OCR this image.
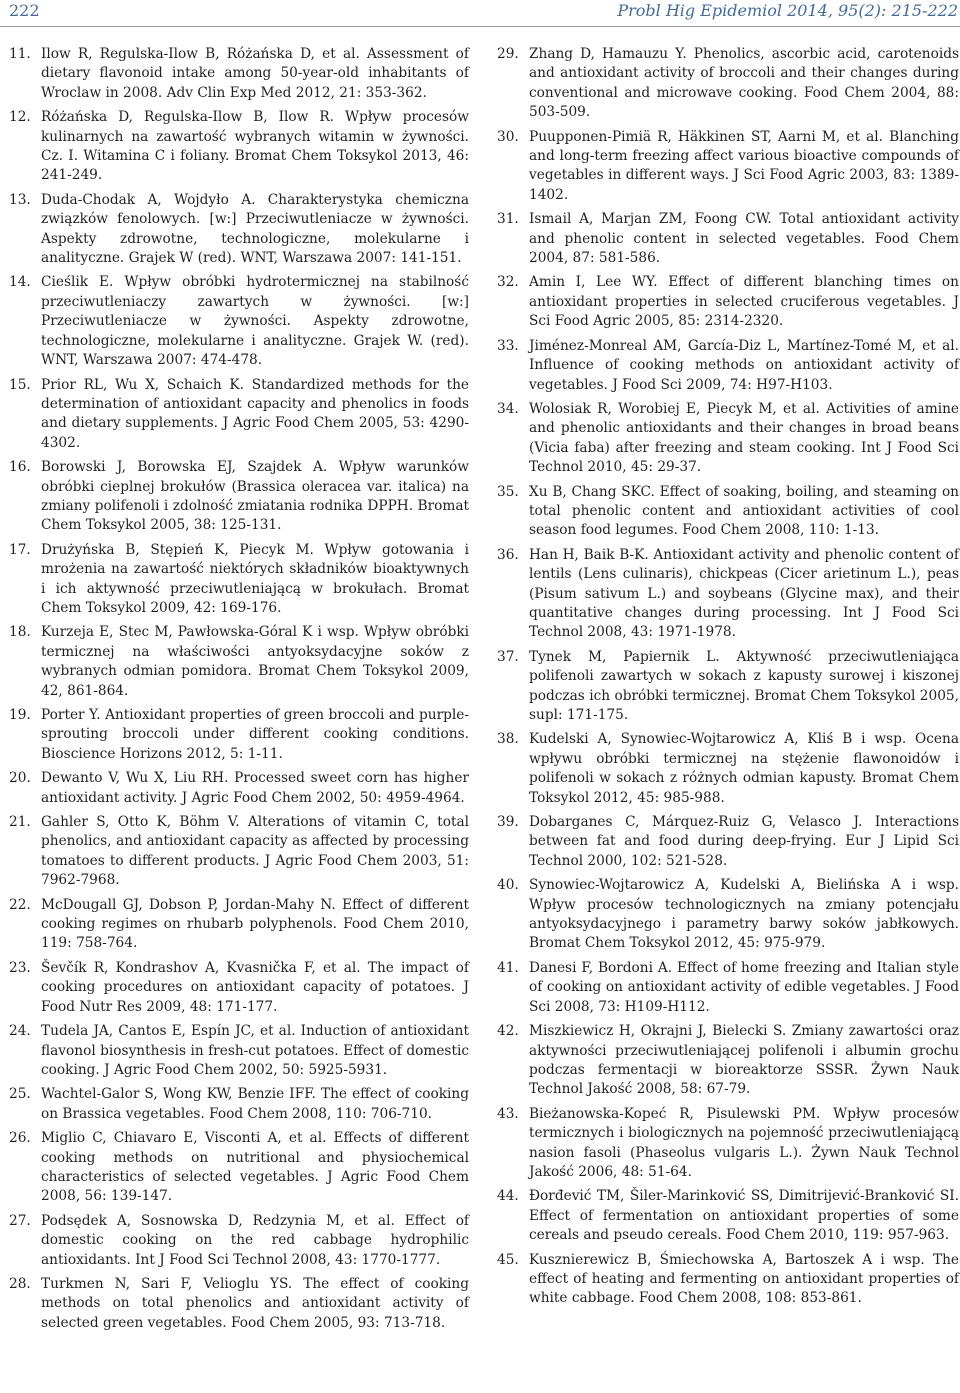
222	Probl Hig Epidemiol 2014, 95(2): 215-222
11. Ilow R, Regulska-Ilow B, Różańska D, et al. Assessment of dietary flavonoid intake among 50-year-old inhabitants of Wroclaw in 2008. Adv Clin Exp Med 2012, 21: 353-362.
12. Różańska D, Regulska-Ilow B, Ilow R. Wpływ procesów kulinarnych na zawartość wybranych witamin w żywności. Cz. I. Witamina C i foliany. Bromat Chem Toksykol 2013, 46: 241-249.
13. Duda-Chodak A, Wojdyło A. Charakterystyka chemiczna związków fenolowych. [w:] Przeciwutleniacze w żywności. Aspekty zdrowotne, technologiczne, molekularne i analityczne. Grajek W (red). WNT, Warszawa 2007: 141-151.
14. Cieślik E. Wpływ obróbki hydrotermicznej na stabilność przeciwutleniaczy zawartych w żywności. [w:] Przeciwutleniacze w żywności. Aspekty zdrowotne, technologiczne, molekularne i analityczne. Grajek W. (red). WNT, Warszawa 2007: 474-478.
15. Prior RL, Wu X, Schaich K. Standardized methods for the determination of antioxidant capacity and phenolics in foods and dietary supplements. J Agric Food Chem 2005, 53: 4290-4302.
16. Borowski J, Borowska EJ, Szajdek A. Wpływ warunków obróbki cieplnej brokułów (Brassica oleracea var. italica) na zmiany polifenoli i zdolność zmiatania rodnika DPPH. Bromat Chem Toksykol 2005, 38: 125-131.
17. Drużyńska B, Stępień K, Piecyk M. Wpływ gotowania i mrożenia na zawartość niektórych składników bioaktywnych i ich aktywność przeciwutleniającą w brokułach. Bromat Chem Toksykol 2009, 42: 169-176.
18. Kurzeja E, Stec M, Pawłowska-Góral K i wsp. Wpływ obróbki termicznej na właściwości antyoksydacyjne soków z wybranych odmian pomidora. Bromat Chem Toksykol 2009, 42, 861-864.
19. Porter Y. Antioxidant properties of green broccoli and purple-sprouting broccoli under different cooking conditions. Bioscience Horizons 2012, 5: 1-11.
20. Dewanto V, Wu X, Liu RH. Processed sweet corn has higher antioxidant activity. J Agric Food Chem 2002, 50: 4959-4964.
21. Gahler S, Otto K, Böhm V. Alterations of vitamin C, total phenolics, and antioxidant capacity as affected by processing tomatoes to different products. J Agric Food Chem 2003, 51: 7962-7968.
22. McDougall GJ, Dobson P, Jordan-Mahy N. Effect of different cooking regimes on rhubarb polyphenols. Food Chem 2010, 119: 758-764.
23. Ševčík R, Kondrashov A, Kvasnička F, et al. The impact of cooking procedures on antioxidant capacity of potatoes. J Food Nutr Res 2009, 48: 171-177.
24. Tudela JA, Cantos E, Espín JC, et al. Induction of antioxidant flavonol biosynthesis in fresh-cut potatoes. Effect of domestic cooking. J Agric Food Chem 2002, 50: 5925-5931.
25. Wachtel-Galor S, Wong KW, Benzie IFF. The effect of cooking on Brassica vegetables. Food Chem 2008, 110: 706-710.
26. Miglio C, Chiavaro E, Visconti A, et al. Effects of different cooking methods on nutritional and physiochemical characteristics of selected vegetables. J Agric Food Chem 2008, 56: 139-147.
27. Podsędek A, Sosnowska D, Redzynia M, et al. Effect of domestic cooking on the red cabbage hydrophilic antioxidants. Int J Food Sci Technol 2008, 43: 1770-1777.
28. Turkmen N, Sari F, Velioglu YS. The effect of cooking methods on total phenolics and antioxidant activity of selected green vegetables. Food Chem 2005, 93: 713-718.
29. Zhang D, Hamauzu Y. Phenolics, ascorbic acid, carotenoids and antioxidant activity of broccoli and their changes during conventional and microwave cooking. Food Chem 2004, 88: 503-509.
30. Puupponen-Pimiä R, Häkkinen ST, Aarni M, et al. Blanching and long-term freezing affect various bioactive compounds of vegetables in different ways. J Sci Food Agric 2003, 83: 1389-1402.
31. Ismail A, Marjan ZM, Foong CW. Total antioxidant activity and phenolic content in selected vegetables. Food Chem 2004, 87: 581-586.
32. Amin I, Lee WY. Effect of different blanching times on antioxidant properties in selected cruciferous vegetables. J Sci Food Agric 2005, 85: 2314-2320.
33. Jiménez-Monreal AM, García-Diz L, Martínez-Tomé M, et al. Influence of cooking methods on antioxidant activity of vegetables. J Food Sci 2009, 74: H97-H103.
34. Wolosiak R, Worobiej E, Piecyk M, et al. Activities of amine and phenolic antioxidants and their changes in broad beans (Vicia faba) after freezing and steam cooking. Int J Food Sci Technol 2010, 45: 29-37.
35. Xu B, Chang SKC. Effect of soaking, boiling, and steaming on total phenolic content and antioxidant activities of cool season food legumes. Food Chem 2008, 110: 1-13.
36. Han H, Baik B-K. Antioxidant activity and phenolic content of lentils (Lens culinaris), chickpeas (Cicer arietinum L.), peas (Pisum sativum L.) and soybeans (Glycine max), and their quantitative changes during processing. Int J Food Sci Technol 2008, 43: 1971-1978.
37. Tynek M, Papiernik L. Aktywność przeciwutleniająca polifenoli zawartych w sokach z kapusty surowej i kiszonej podczas ich obróbki termicznej. Bromat Chem Toksykol 2005, supl: 171-175.
38. Kudelski A, Synowiec-Wojtarowicz A, Kliś B i wsp. Ocena wpływu obróbki termicznej na stężenie flawonoidów i polifenoli w sokach z różnych odmian kapusty. Bromat Chem Toksykol 2012, 45: 985-988.
39. Dobarganes C, Márquez-Ruiz G, Velasco J. Interactions between fat and food during deep-frying. Eur J Lipid Sci Technol 2000, 102: 521-528.
40. Synowiec-Wojtarowicz A, Kudelski A, Bielińska A i wsp. Wpływ procesów technologicznych na zmiany potencjału antyoksydacyjnego i parametry barwy soków jabłkowych. Bromat Chem Toksykol 2012, 45: 975-979.
41. Danesi F, Bordoni A. Effect of home freezing and Italian style of cooking on antioxidant activity of edible vegetables. J Food Sci 2008, 73: H109-H112.
42. Miszkiewicz H, Okrajni J, Bielecki S. Zmiany zawartości oraz aktywności przeciwutleniającej polifenoli i albumin grochu podczas fermentacji w bioreaktorze SSSR. Żywn Nauk Technol Jakość 2008, 58: 67-79.
43. Bieżanowska-Kopeć R, Pisulewski PM. Wpływ procesów termicznych i biologicznych na pojemność przeciwutleniającą nasion fasoli (Phaseolus vulgaris L.). Żywn Nauk Technol Jakość 2006, 48: 51-64.
44. Đorđević TM, Šiler-Marinković SS, Dimitrijević-Branković SI. Effect of fermentation on antioxidant properties of some cereals and pseudo cereals. Food Chem 2010, 119: 957-963.
45. Kusznierewicz B, Śmiechowska A, Bartoszek A i wsp. The effect of heating and fermenting on antioxidant properties of white cabbage. Food Chem 2008, 108: 853-861.
